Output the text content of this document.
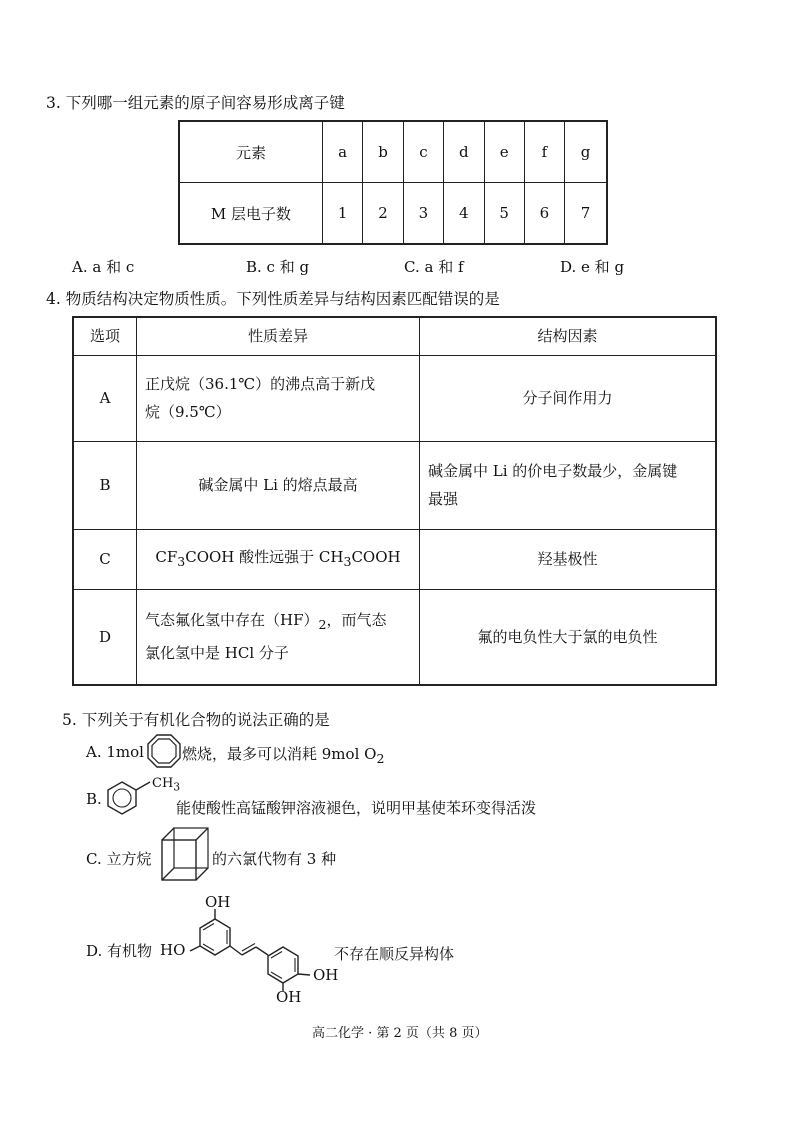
3. 下列哪一组元素的原子间容易形成离子键
元素	a	b	c	d	e	f	g
M 层电子数	1	2	3	4	5	6	7
A. a 和 c	B. c 和 g	C. a 和 f	D. e 和 g
4. 物质结构决定物质性质。下列性质差异与结构因素匹配错误的是
选项	性质差异	结构因素
A	正戊烷（36.1℃）的沸点高于新戊
烷（9.5℃）	分子间作用力
B	碱金属中 Li 的熔点最高	碱金属中 Li 的价电子数最少，金属键
最强

C	$CF_3COOH$ 酸性远强于 $CH_3COOH$	羟基极性
D	气态氟化氢中存在$(HF)_2$，而气态
氯化氢中是 HCl 分子	氟的电负性大于氯的电负性
5. 下列关于有机化合物的说法正确的是
A. 1mol	燃烧，最多可以消耗 9mol $O_2$
B.
$CH_3$
能使酸性高锰酸钾溶液褪色，说明甲基使苯环变得活泼
C. 立方烷	的六氯代物有 3 种
D. 有机物 HO
OH
OH
OH
不存在顺反异构体
高二化学 · 第 2 页（共 8 页）
